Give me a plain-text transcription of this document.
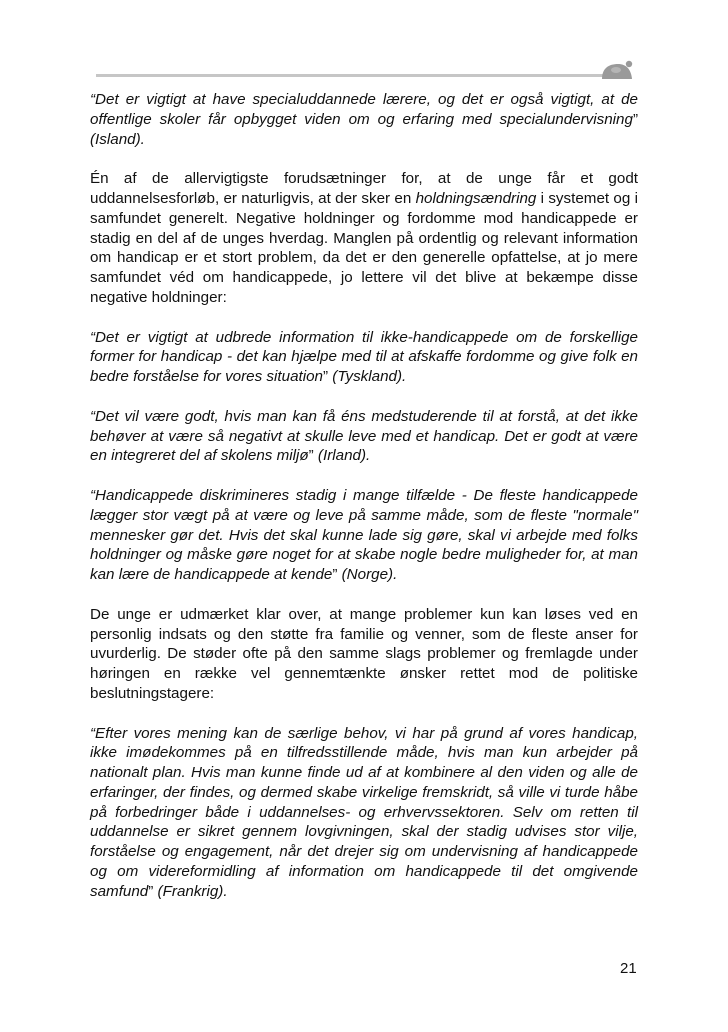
“Det er vigtigt at have specialuddannede lærere, og det er også vigtigt, at de offentlige skoler får opbygget viden om og erfaring med specialundervisning” (Island).

Én af de allervigtigste forudsætninger for, at de unge får et godt uddannelsesforløb, er naturligvis, at der sker en holdningsændring i systemet og i samfundet generelt. Negative holdninger og fordomme mod handicappede er stadig en del af de unges hverdag. Manglen på ordentlig og relevant information om handicap er et stort problem, da det er den generelle opfattelse, at jo mere samfundet véd om handicappede, jo lettere vil det blive at bekæmpe disse negative holdninger:

“Det er vigtigt at udbrede information til ikke-handicappede om de forskellige former for handicap - det kan hjælpe med til at afskaffe fordomme og give folk en bedre forståelse for vores situation” (Tyskland).

“Det vil være godt, hvis man kan få éns medstuderende til at forstå, at det ikke behøver at være så negativt at skulle leve med et handicap. Det er godt at være en integreret del af skolens miljø” (Irland).

“Handicappede diskrimineres stadig i mange tilfælde - De fleste handicappede lægger stor vægt på at være og leve på samme måde, som de fleste "normale" mennesker gør det. Hvis det skal kunne lade sig gøre, skal vi arbejde med folks holdninger og måske gøre noget for at skabe nogle bedre muligheder for, at man kan lære de handicappede at kende” (Norge).

De unge er udmærket klar over, at mange problemer kun kan løses ved en personlig indsats og den støtte fra familie og venner, som de fleste anser for uvurderlig. De støder ofte på den samme slags problemer og fremlagde under høringen en række vel gennemtænkte ønsker rettet mod de politiske beslutningstagere:

“Efter vores mening kan de særlige behov, vi har på grund af vores handicap, ikke imødekommes på en tilfredsstillende måde, hvis man kun arbejder på nationalt plan. Hvis man kunne finde ud af at kombinere al den viden og alle de erfaringer, der findes, og dermed skabe virkelige fremskridt, så ville vi turde håbe på forbedringer både i uddannelses- og erhvervssektoren. Selv om retten til uddannelse er sikret gennem lovgivningen, skal der stadig udvises stor vilje, forståelse og engagement, når det drejer sig om undervisning af handicappede og om videreformidling af information om handicappede til det omgivende samfund” (Frankrig).

21
